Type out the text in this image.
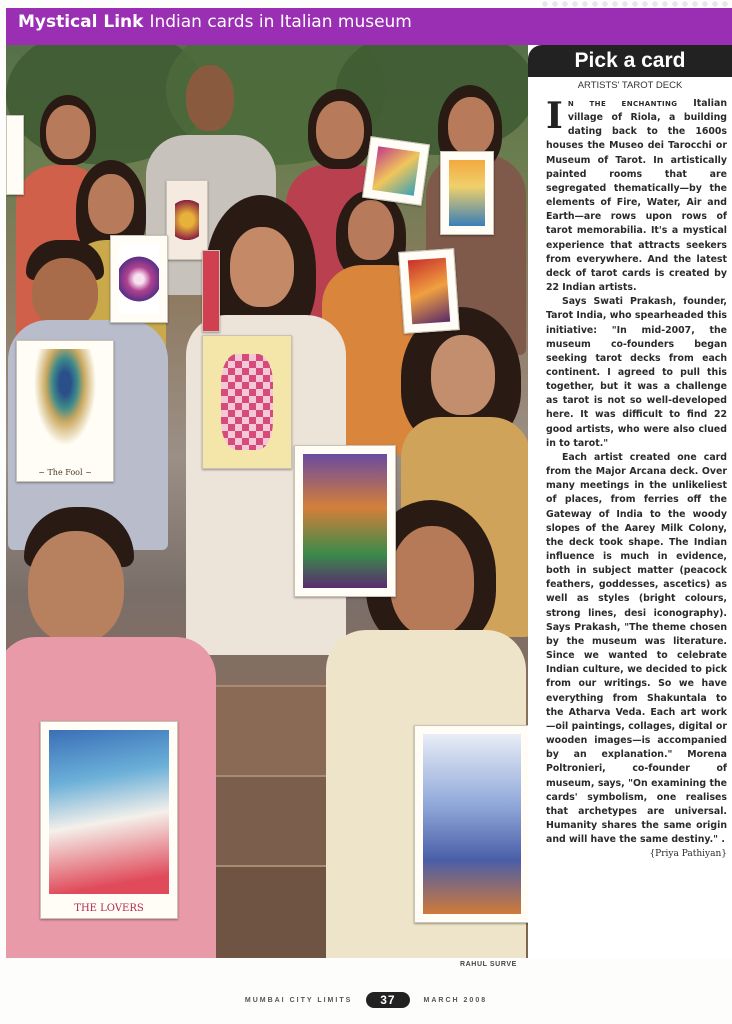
Mystical Link Indian cards in Italian museum
~ The Fool ~
THE LOVERS
Pick a card
ARTISTS' TAROT DECK

I N THE ENCHANTING Italian village of Riola, a building dating back to the 1600s houses the Museo dei Tarocchi or Museum of Tarot. In artistically painted rooms that are segregated thematically—by the elements of Fire, Water, Air and Earth—are rows upon rows of tarot memorabilia. It's a mystical experience that attracts seekers from everywhere. And the latest deck of tarot cards is created by 22 Indian artists.

Says Swati Prakash, founder, Tarot India, who spearheaded this initiative: "In mid-2007, the museum co-founders began seeking tarot decks from each continent. I agreed to pull this together, but it was a challenge as tarot is not so well-developed here. It was difficult to find 22 good artists, who were also clued in to tarot."

Each artist created one card from the Major Arcana deck. Over many meetings in the unlikeliest of places, from ferries off the Gateway of India to the woody slopes of the Aarey Milk Colony, the deck took shape. The Indian influence is much in evidence, both in subject matter (peacock feathers, goddesses, ascetics) as well as styles (bright colours, strong lines, desi iconography). Says Prakash, "The theme chosen by the museum was literature. Since we wanted to celebrate Indian culture, we decided to pick from our writings. So we have everything from Shakuntala to the Atharva Veda. Each art work—oil paintings, collages, digital or wooden images—is accompanied by an explanation." Morena Poltronieri, co-founder of museum, says, "On examining the cards' symbolism, one realises that archetypes are universal. Humanity shares the same origin and will have the same destiny." .

{Priya Pathiyan}
RAHUL SURVE
MUMBAI CITY LIMITS 37	MARCH 2008
